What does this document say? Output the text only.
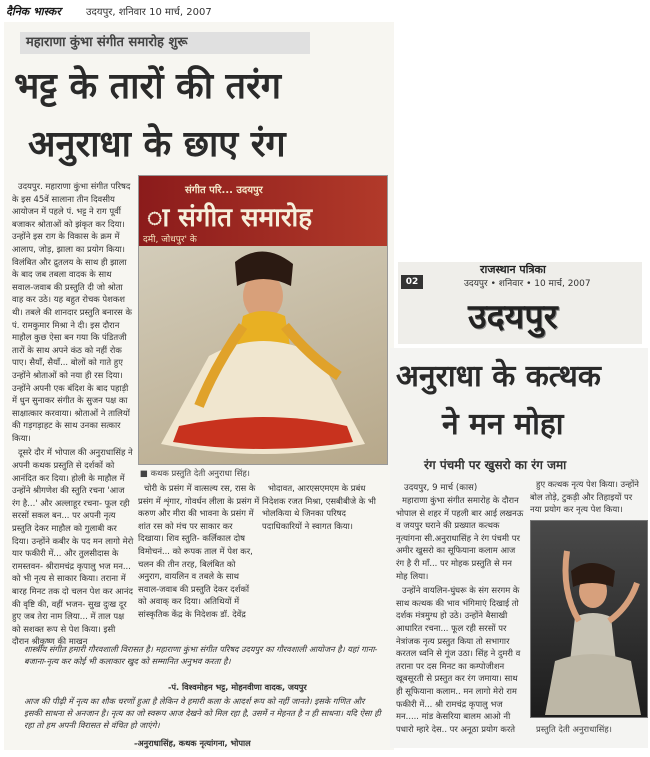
दैनिक भास्कर	उदयपुर, शनिवार 10 मार्च, 2007
महाराणा कुंभा संगीत समारोह शुरू
भट्ट के तारों की तरंग
अनुराधा के छाए रंग

उदयपुर. महाराणा कुंभा संगीत परिषद के इस 45वें सालाना तीन दिवसीय आयोजन में पहले पं. भट्ट ने राग पूर्वी बजाकर श्रोताओं को झंकृत कर दिया। उन्होंने इस राग के विकास के क्रम में आलाप, जोड़, झाला का प्रयोग किया। विलंबित और द्रुतलय के साथ ही झाला के बाद जब तबला वादक के साथ सवाल-जवाब की प्रस्तुति दी जो श्रोता वाह कर उठे। यह बहुत रोचक पेशकश थी। तबले की शानदार प्रस्तुति बनारस के पं. रामकुमार मिश्रा ने दी। इस दौरान माहौल कुछ ऐसा बन गया कि पंडितजी तारों के साथ अपने कंठ को नहीं रोक पाए। सैयाँ, सैयाँ... बोलों को गाते हुए उन्होंने श्रोताओं को नया ही रस दिया। उन्होंने अपनी एक बंदिश के बाद पहाड़ी में धुन सुनाकर संगीत के सुजन पक्ष का साक्षात्कार करवाया। श्रोताओं ने तालियों की गड़गड़ाहट के साथ उनका सत्कार किया।

दूसरे दौर में भोपाल की अनुराधासिंह ने अपनी कथक प्रस्तुति से दर्शकों को आनंदित कर दिया। होली के माहौल में उन्होंने श्रीगणेश की स्तुति रचना 'आज रंग है...' और अल्लाहूर रचना- फूल रही सरसों सकल बन... पर अपनी नृत्य प्रस्तुति देकर माहौल को गुलाबी कर दिया। उन्होंने कबीर के पद मन लागो मेरो यार फकीरी में... और तुलसीदास के रामस्तवन- श्रीरामचंद्र कृपालु भज मन... को भी नृत्य से साकार किया। तराना में बारह मिनट तक दो चलन पेश कर आनंद की वृष्टि की, वहीं भजन- सुख दुःख दूर हुए जब तेरा नाम लिया... में ताल पक्ष को सशक्त रूप से पेश किया। इसी दौरान श्रीकृष्ण की माखन

संगीत परि... उदयपुर
ा संगीत समारोह
दमी, जोधपुर' के
■ कथक प्रस्तुति देती अनुराधा सिंह।

चोरी के प्रसंग में वात्सल्य रस, रास के प्रसंग में शृंगार, गोवर्धन लीला के प्रसंग में करुण और मीरा की भावना के प्रसंग में शांत रस को मंच पर साकार कर दिखाया। शिव स्तुति- कर्लिकाल दोष विमोचनं... को रूपक ताल में पेश कर, चलन की तीन तरह, बिलंबित को अनुराग, वायलिन व तबले के साथ सवाल-जवाब की प्रस्तुति देकर दर्शकों को अवाक् कर दिया। अतिथियों में सांस्कृतिक केंद्र के निदेशक डॉ. देवेंद्र

भोदावत, आरएसएमएम के प्रबंध निदेशक रजत मिश्रा, एसबीबीजे के भी भोलकिया थे जिनका परिषद पदाधिकारियों ने स्वागत किया।

शास्त्रीय संगीत हमारी गौरवशाली विरासत है। महाराणा कुंभा संगीत परिषद उदयपुर का गौरवशाली आयोजन है। यहां गाना-बजाना-नृत्य कर कोई भी कलाकार खुद को सम्मानित अनुभव करता है।
-पं. विश्वमोहन भट्ट, मोहनवीणा वादक, जयपुर
आज की पीढ़ी में नृत्य का शौक चरणों हुआ है लेकिन वे हमारी कला के आदर्श रूप को नहीं जानते। इसके गणित और इसकी साधना से अनजान है। नृत्य का जो स्वरूप आज देखने को मिल रहा है, उसमें न मेहनत है न ही साधना। यदि ऐसा ही रहा तो हम अपनी विरासत से वंचित हो जाएंगे।
-अनुराधासिंह, कथक नृत्यांगना, भोपाल
02
राजस्थान पत्रिका
उदयपुर • शनिवार • 10 मार्च, 2007
उदयपुर
अनुराधा के कत्थक
ने मन मोहा
रंग पंचमी पर खुसरो का रंग जमा
उदयपुर, 9 मार्च (कास)

महाराणा कुंभा संगीत समारोह के दौरान भोपाल से शहर में पहली बार आई लखनऊ व जयपुर घराने की प्रख्यात कत्थक नृत्यांगना सी.अनुराधासिंह ने रंग पंचमी पर अमीर खुसरो का सूफियाना कलाम आज रंग है री माँ... पर मोहक प्रस्तुति से मन मोह लिया।

उन्होंने वायलिन-घुंघरू के संग सरगम के साथ कत्थक की भाव भंगिमाएं दिखाई तो दर्शक मंत्रमुग्ध हो उठे। उन्होंने बैसाखी आधारित रचना... फूल रही सरसों पर नेत्रांजक नृत्य प्रस्तुत किया तो सभागार करतल ध्वनि से गूंज उठा। सिंह ने दुमरी व तराना पर दस मिनट का कम्पोजीशन खूबसूरती से प्रस्तुत कर रंग जमाया। साथ ही सूफियाना कलाम.. मन लागो मेरो राम फकीरी में... श्री रामचंद्र कृपालु भज मन..... मांड केसरिया बालम आओ नी पधारो म्हारे देस.. पर अनूठा प्रयोग करते

हुए कत्थक नृत्य पेश किया। उन्होंने बोल तोड़े, टुकड़ी और तिहाइयों पर नया प्रयोग कर नृत्य पेश किया।

प्रस्तुति देती अनुराधासिंह।
